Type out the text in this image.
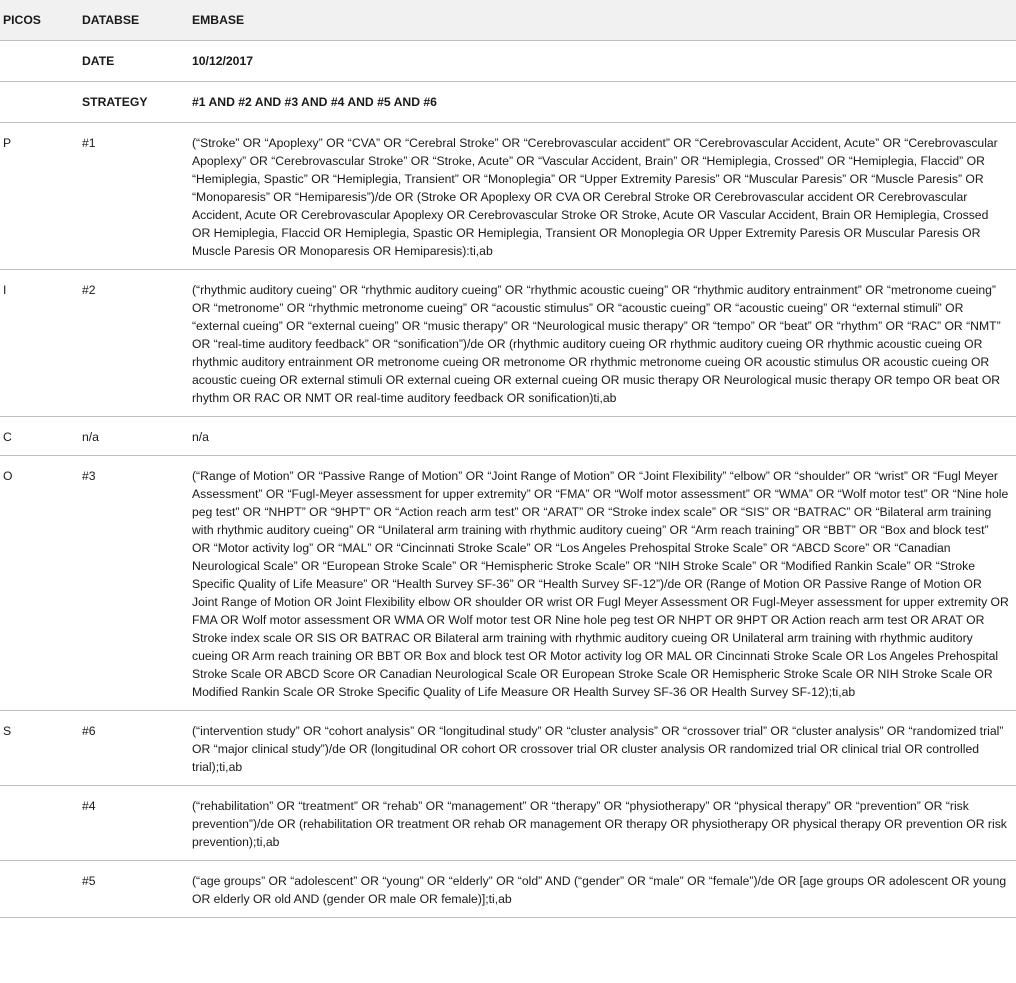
PICOS	DATABSE	EMBASE
	DATE	10/12/2017
	STRATEGY	#1 AND #2 AND #3 AND #4 AND #5 AND #6
P	#1	(“Stroke” OR “Apoplexy” OR “CVA” OR “Cerebral Stroke” OR “Cerebrovascular accident” OR “Cerebrovascular Accident, Acute” OR “Cerebrovascular Apoplexy” OR “Cerebrovascular Stroke” OR “Stroke, Acute” OR “Vascular Accident, Brain” OR “Hemiplegia, Crossed” OR “Hemiplegia, Flaccid” OR “Hemiplegia, Spastic” OR “Hemiplegia, Transient” OR “Monoplegia” OR “Upper Extremity Paresis” OR “Muscular Paresis” OR “Muscle Paresis” OR “Monoparesis” OR “Hemiparesis”)/de OR (Stroke OR Apoplexy OR CVA OR Cerebral Stroke OR Cerebrovascular accident OR Cerebrovascular Accident, Acute OR Cerebrovascular Apoplexy OR Cerebrovascular Stroke OR Stroke, Acute OR Vascular Accident, Brain OR Hemiplegia, Crossed OR Hemiplegia, Flaccid OR Hemiplegia, Spastic OR Hemiplegia, Transient OR Monoplegia OR Upper Extremity Paresis OR Muscular Paresis OR Muscle Paresis OR Monoparesis OR Hemiparesis):ti,ab
I	#2	(“rhythmic auditory cueing” OR “rhythmic auditory cueing” OR “rhythmic acoustic cueing” OR “rhythmic auditory entrainment” OR “metronome cueing” OR “metronome” OR “rhythmic metronome cueing” OR “acoustic stimulus” OR “acoustic cueing” OR “acoustic cueing” OR “external stimuli” OR “external cueing” OR “external cueing” OR “music therapy” OR “Neurological music therapy” OR “tempo” OR “beat” OR “rhythm” OR “RAC” OR “NMT” OR “real-time auditory feedback” OR “sonification”)/de OR (rhythmic auditory cueing OR rhythmic auditory cueing OR rhythmic acoustic cueing OR rhythmic auditory entrainment OR metronome cueing OR metronome OR rhythmic metronome cueing OR acoustic stimulus OR acoustic cueing OR acoustic cueing OR external stimuli OR external cueing OR external cueing OR music therapy OR Neurological music therapy OR tempo OR beat OR rhythm OR RAC OR NMT OR real-time auditory feedback OR sonification)ti,ab
C	n/a	n/a
O	#3	(“Range of Motion” OR “Passive Range of Motion” OR “Joint Range of Motion” OR “Joint Flexibility” “elbow” OR “shoulder” OR “wrist” OR “Fugl Meyer Assessment” OR “Fugl-Meyer assessment for upper extremity” OR “FMA” OR “Wolf motor assessment” OR “WMA” OR “Wolf motor test” OR “Nine hole peg test” OR “NHPT” OR “9HPT” OR “Action reach arm test” OR “ARAT” OR “Stroke index scale” OR “SIS” OR “BATRAC” OR “Bilateral arm training with rhythmic auditory cueing” OR “Unilateral arm training with rhythmic auditory cueing” OR “Arm reach training” OR “BBT” OR “Box and block test” OR “Motor activity log” OR “MAL” OR “Cincinnati Stroke Scale” OR “Los Angeles Prehospital Stroke Scale” OR “ABCD Score” OR “Canadian Neurological Scale” OR “European Stroke Scale” OR “Hemispheric Stroke Scale” OR “NIH Stroke Scale” OR “Modified Rankin Scale” OR “Stroke Specific Quality of Life Measure” OR “Health Survey SF-36” OR “Health Survey SF-12”)/de OR (Range of Motion OR Passive Range of Motion OR Joint Range of Motion OR Joint Flexibility elbow OR shoulder OR wrist OR Fugl Meyer Assessment OR Fugl-Meyer assessment for upper extremity OR FMA OR Wolf motor assessment OR WMA OR Wolf motor test OR Nine hole peg test OR NHPT OR 9HPT OR Action reach arm test OR ARAT OR Stroke index scale OR SIS OR BATRAC OR Bilateral arm training with rhythmic auditory cueing OR Unilateral arm training with rhythmic auditory cueing OR Arm reach training OR BBT OR Box and block test OR Motor activity log OR MAL OR Cincinnati Stroke Scale OR Los Angeles Prehospital Stroke Scale OR ABCD Score OR Canadian Neurological Scale OR European Stroke Scale OR Hemispheric Stroke Scale OR NIH Stroke Scale OR Modified Rankin Scale OR Stroke Specific Quality of Life Measure OR Health Survey SF-36 OR Health Survey SF-12);ti,ab
S	#6	(“intervention study” OR “cohort analysis” OR “longitudinal study” OR “cluster analysis” OR “crossover trial” OR “cluster analysis” OR “randomized trial” OR “major clinical study”)/de OR (longitudinal OR cohort OR crossover trial OR cluster analysis OR randomized trial OR clinical trial OR controlled trial);ti,ab
	#4	(“rehabilitation” OR “treatment” OR “rehab” OR “management” OR “therapy” OR “physiotherapy” OR “physical therapy” OR “prevention” OR “risk prevention”)/de OR (rehabilitation OR treatment OR rehab OR management OR therapy OR physiotherapy OR physical therapy OR prevention OR risk prevention);ti,ab
	#5	(“age groups” OR “adolescent” OR “young” OR “elderly” OR “old” AND (“gender” OR “male” OR “female”)/de OR [age groups OR adolescent OR young OR elderly OR old AND (gender OR male OR female)];ti,ab
